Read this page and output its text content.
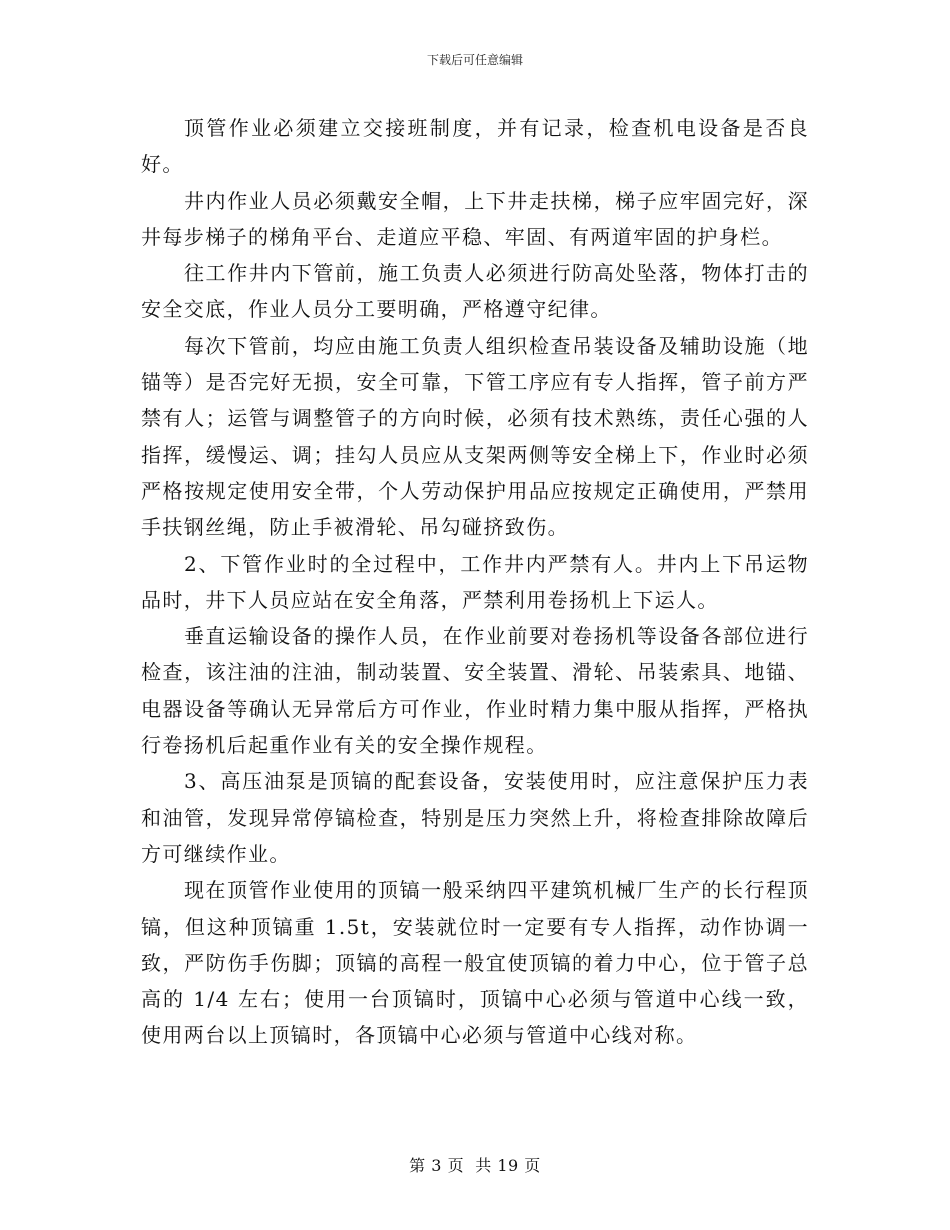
下载后可任意编辑

顶管作业必须建立交接班制度，并有记录，检查机电设备是否良好。

井内作业人员必须戴安全帽，上下井走扶梯，梯子应牢固完好，深井每步梯子的梯角平台、走道应平稳、牢固、有两道牢固的护身栏。

往工作井内下管前，施工负责人必须进行防高处坠落，物体打击的安全交底，作业人员分工要明确，严格遵守纪律。

每次下管前，均应由施工负责人组织检查吊装设备及辅助设施（地锚等）是否完好无损，安全可靠，下管工序应有专人指挥，管子前方严禁有人；运管与调整管子的方向时候，必须有技术熟练，责任心强的人指挥，缓慢运、调；挂勾人员应从支架两侧等安全梯上下，作业时必须严格按规定使用安全带，个人劳动保护用品应按规定正确使用，严禁用手扶钢丝绳，防止手被滑轮、吊勾碰挤致伤。

2、下管作业时的全过程中，工作井内严禁有人。井内上下吊运物品时，井下人员应站在安全角落，严禁利用卷扬机上下运人。

垂直运输设备的操作人员，在作业前要对卷扬机等设备各部位进行检查，该注油的注油，制动装置、安全装置、滑轮、吊装索具、地锚、电器设备等确认无异常后方可作业，作业时精力集中服从指挥，严格执行卷扬机后起重作业有关的安全操作规程。

3、高压油泵是顶镐的配套设备，安装使用时，应注意保护压力表和油管，发现异常停镐检查，特别是压力突然上升，将检查排除故障后方可继续作业。

现在顶管作业使用的顶镐一般采纳四平建筑机械厂生产的长行程顶镐，但这种顶镐重 1.5t，安装就位时一定要有专人指挥，动作协调一致，严防伤手伤脚；顶镐的高程一般宜使顶镐的着力中心，位于管子总高的 1/4 左右；使用一台顶镐时，顶镐中心必须与管道中心线一致，使用两台以上顶镐时，各顶镐中心必须与管道中心线对称。

第 3 页  共 19 页
